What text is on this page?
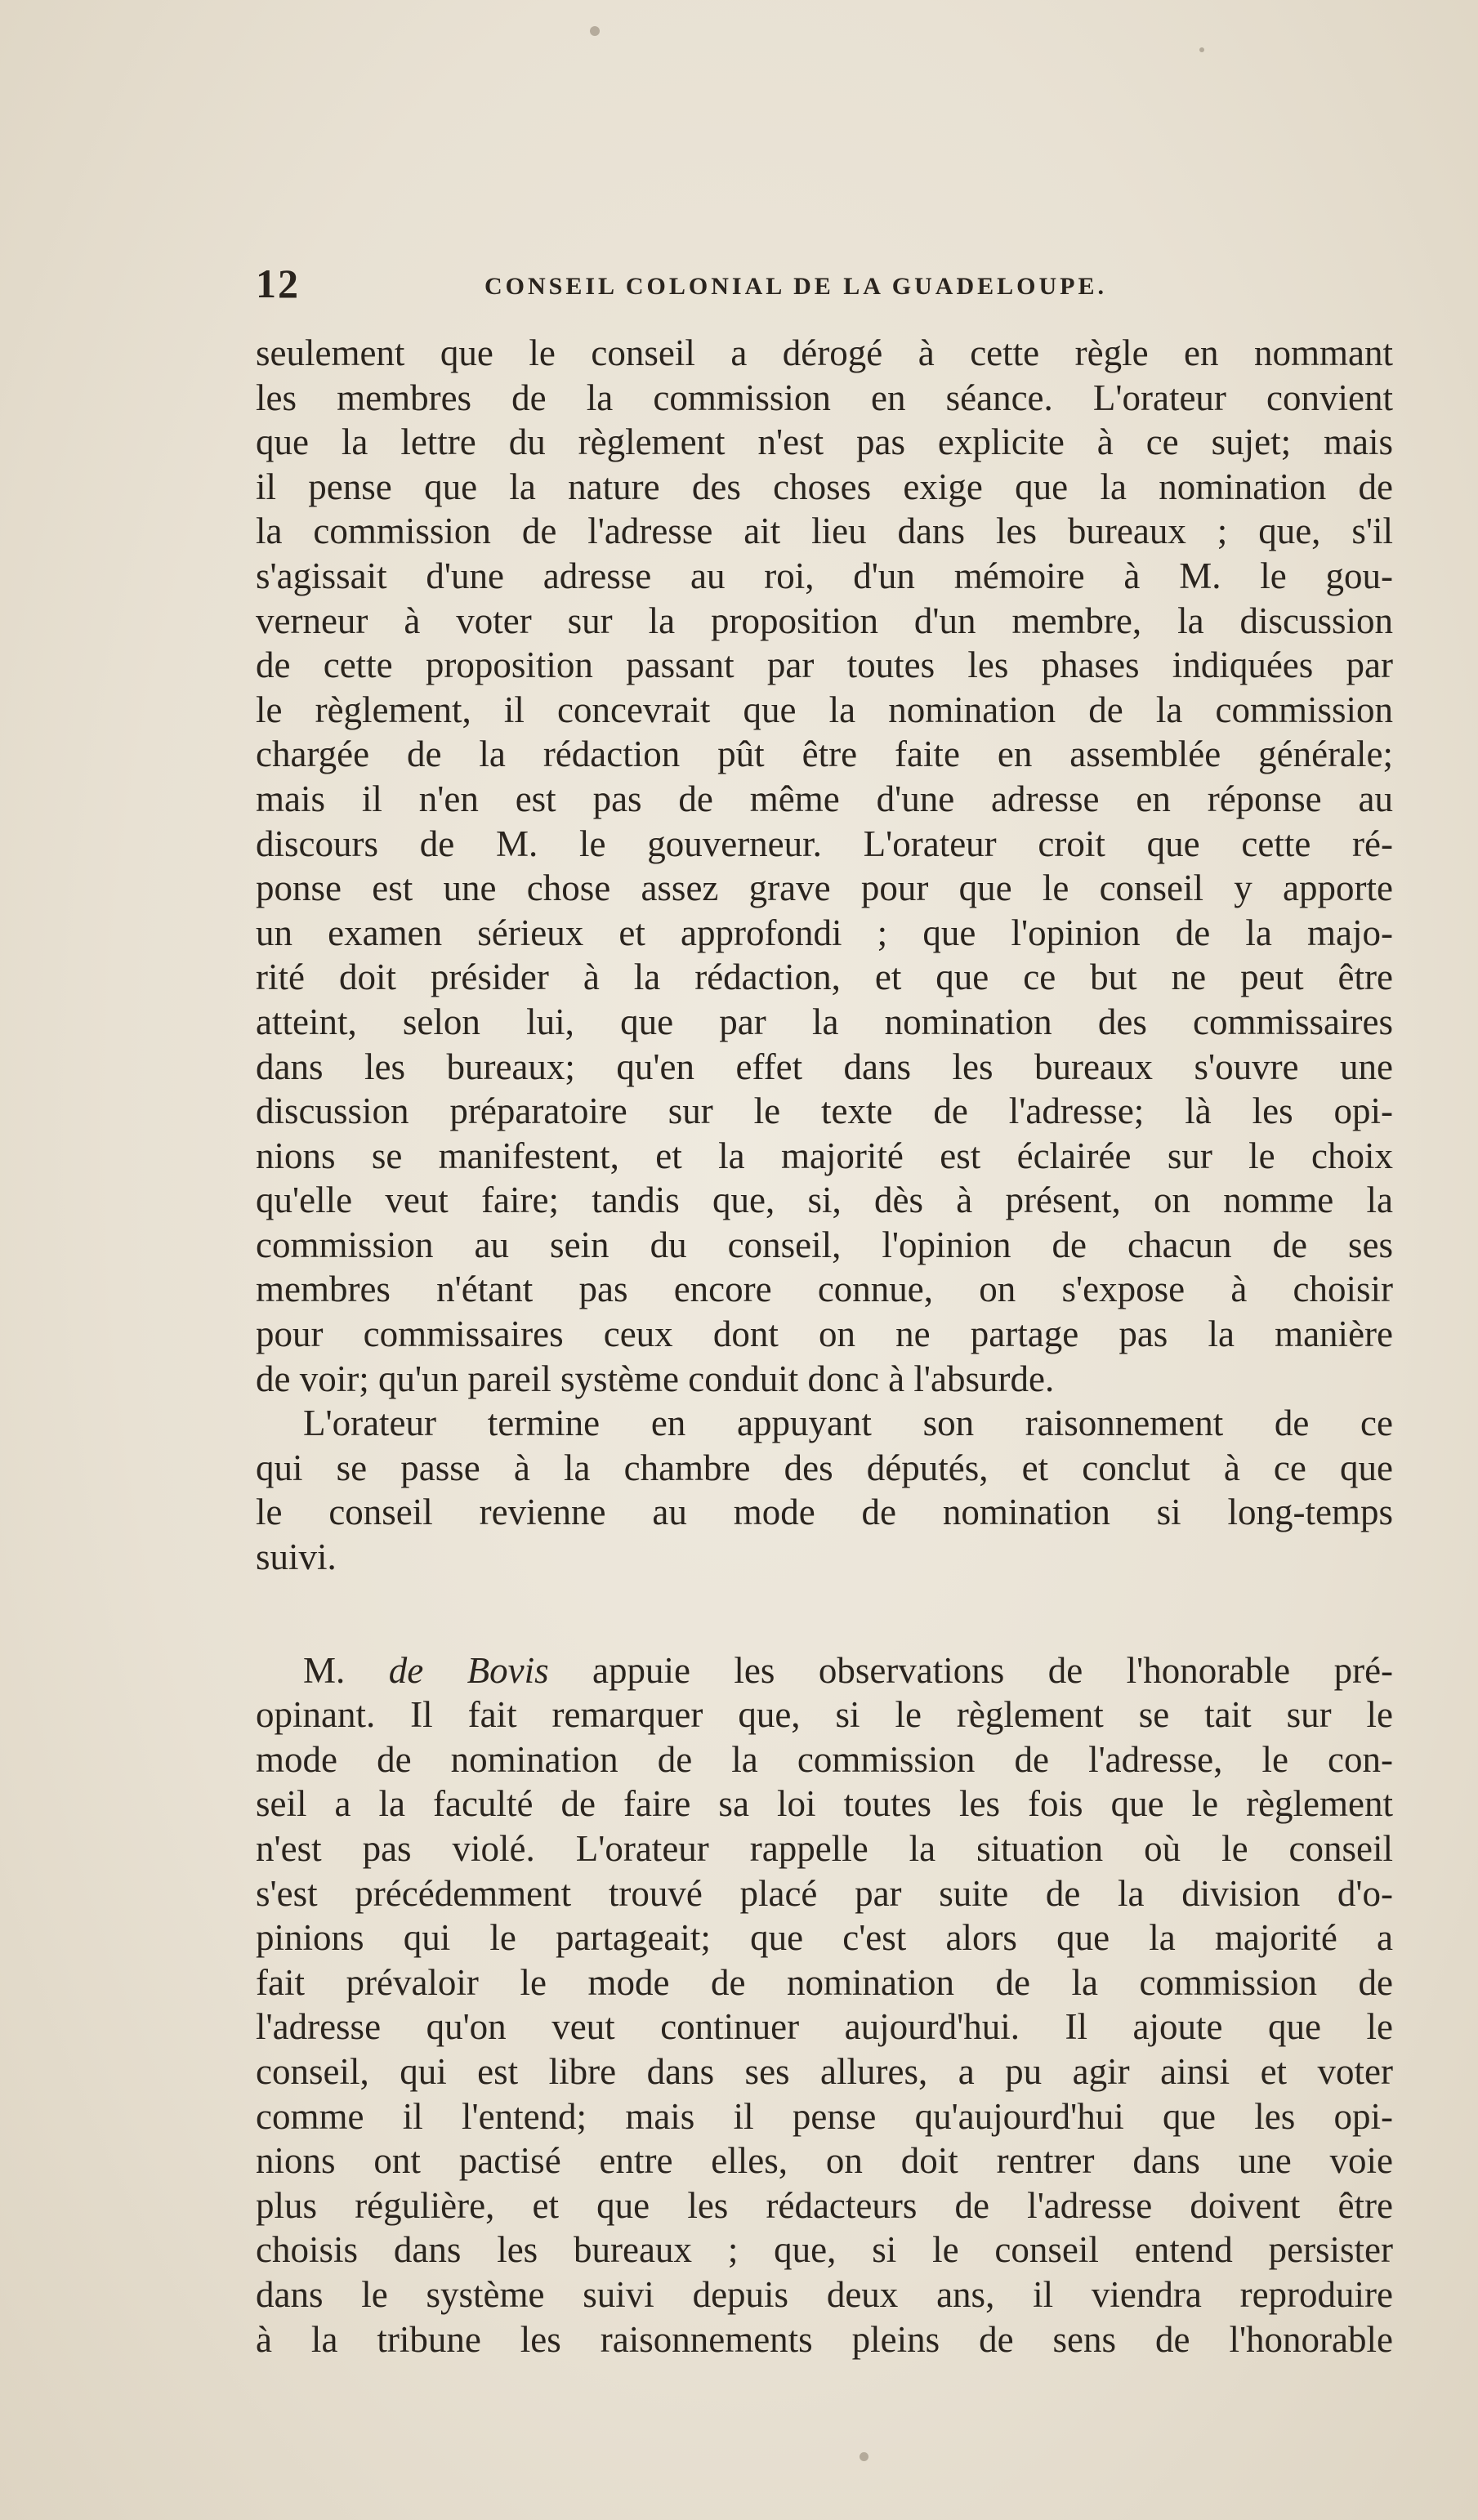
12	CONSEIL COLONIAL DE LA GUADELOUPE.
seulement que le conseil a dérogé à cette règle en nommant
les membres de la commission en séance. L'orateur convient
que la lettre du règlement n'est pas explicite à ce sujet; mais
il pense que la nature des choses exige que la nomination de
la commission de l'adresse ait lieu dans les bureaux ; que, s'il
s'agissait d'une adresse au roi, d'un mémoire à M. le gou-
verneur à voter sur la proposition d'un membre, la discussion
de cette proposition passant par toutes les phases indiquées par
le règlement, il concevrait que la nomination de la commission
chargée de la rédaction pût être faite en assemblée générale;
mais il n'en est pas de même d'une adresse en réponse au
discours de M. le gouverneur. L'orateur croit que cette ré-
ponse est une chose assez grave pour que le conseil y apporte
un examen sérieux et approfondi ; que l'opinion de la majo-
rité doit présider à la rédaction, et que ce but ne peut être
atteint, selon lui, que par la nomination des commissaires
dans les bureaux; qu'en effet dans les bureaux s'ouvre une
discussion préparatoire sur le texte de l'adresse; là les opi-
nions se manifestent, et la majorité est éclairée sur le choix
qu'elle veut faire; tandis que, si, dès à présent, on nomme la
commission au sein du conseil, l'opinion de chacun de ses
membres n'étant pas encore connue, on s'expose à choisir
pour commissaires ceux dont on ne partage pas la manière
de voir; qu'un pareil système conduit donc à l'absurde.
L'orateur termine en appuyant son raisonnement de ce
qui se passe à la chambre des députés, et conclut à ce que
le conseil revienne au mode de nomination si long-temps
suivi.
M. de Bovis appuie les observations de l'honorable pré-
opinant. Il fait remarquer que, si le règlement se tait sur le
mode de nomination de la commission de l'adresse, le con-
seil a la faculté de faire sa loi toutes les fois que le règlement
n'est pas violé. L'orateur rappelle la situation où le conseil
s'est précédemment trouvé placé par suite de la division d'o-
pinions qui le partageait; que c'est alors que la majorité a
fait prévaloir le mode de nomination de la commission de
l'adresse qu'on veut continuer aujourd'hui. Il ajoute que le
conseil, qui est libre dans ses allures, a pu agir ainsi et voter
comme il l'entend; mais il pense qu'aujourd'hui que les opi-
nions ont pactisé entre elles, on doit rentrer dans une voie
plus régulière, et que les rédacteurs de l'adresse doivent être
choisis dans les bureaux ; que, si le conseil entend persister
dans le système suivi depuis deux ans, il viendra reproduire
à la tribune les raisonnements pleins de sens de l'honorable
